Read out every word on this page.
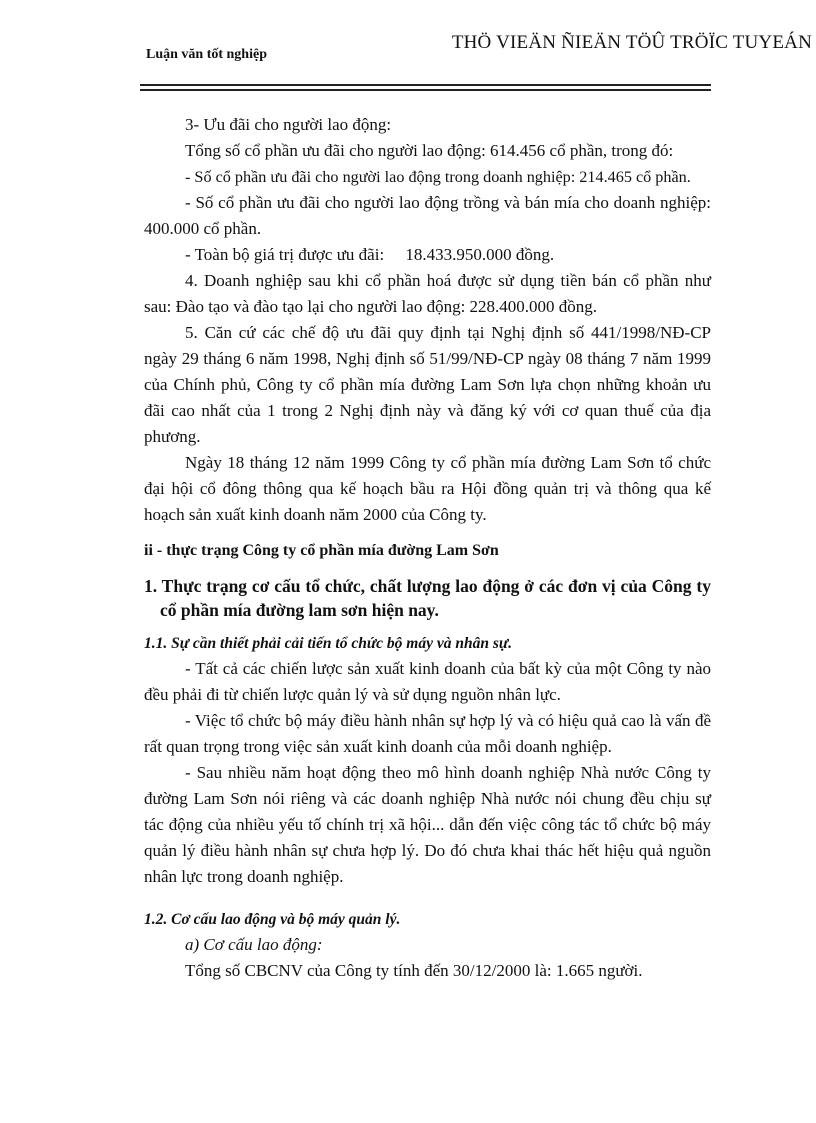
Luận văn tốt nghiệp
THÖ VIEÄN ÑIEÄN TÖÛ TRÖÏC TUYEÁN

3- Ưu đãi cho người lao động:

Tổng số cổ phần ưu đãi cho người lao động: 614.456 cổ phần, trong đó:

- Số cổ phần ưu đãi cho người lao động trong doanh nghiệp: 214.465 cổ phần.

- Số cổ phần ưu đãi cho người lao động trồng và bán mía cho doanh nghiệp: 400.000 cổ phần.

- Toàn bộ giá trị được ưu đãi:     18.433.950.000 đồng.

4. Doanh nghiệp sau khi cổ phần hoá được sử dụng tiền bán cổ phần như sau: Đào tạo và đào tạo lại cho người lao động: 228.400.000 đồng.

5. Căn cứ các chế độ ưu đãi quy định tại Nghị định số 441/1998/NĐ-CP ngày 29 tháng 6 năm 1998, Nghị định số 51/99/NĐ-CP ngày 08 tháng 7 năm 1999 của Chính phủ, Công ty cổ phần mía đường Lam Sơn lựa chọn những khoản ưu đãi cao nhất của 1 trong 2 Nghị định này và đăng ký với cơ quan thuế của địa phương.

Ngày 18 tháng 12 năm 1999 Công ty cổ phần mía đường Lam Sơn tổ chức đại hội cổ đông thông qua kế hoạch bầu ra Hội đồng quản trị và thông qua kế hoạch sản xuất kinh doanh năm 2000 của Công ty.

ii - thực trạng Công ty cổ phần mía đường Lam Sơn

1. Thực trạng cơ cấu tổ chức, chất lượng lao động ở các đơn vị của Công ty cổ phần mía đường lam sơn hiện nay.

1.1. Sự cần thiết phải cải tiến tổ chức bộ máy và nhân sự.

- Tất cả các chiến lược sản xuất kinh doanh của bất kỳ của một Công ty nào đều phải đi từ chiến lược quản lý và sử dụng nguồn nhân lực.

- Việc tổ chức bộ máy điều hành nhân sự hợp lý và có hiệu quả cao là vấn đề rất quan trọng trong việc sản xuất kinh doanh của mỗi doanh nghiệp.

- Sau nhiều năm hoạt động theo mô hình doanh nghiệp Nhà nước Công ty đường Lam Sơn nói riêng và các doanh nghiệp Nhà nước nói chung đều chịu sự tác động của nhiều yếu tố chính trị xã hội... dẫn đến việc công tác tổ chức bộ máy quản lý điều hành nhân sự chưa hợp lý. Do đó chưa khai thác hết hiệu quả nguồn nhân lực trong doanh nghiệp.

1.2. Cơ cấu lao động và bộ máy quản lý.

a) Cơ cấu lao động:

Tổng số CBCNV của Công ty tính đến 30/12/2000 là: 1.665 người.
